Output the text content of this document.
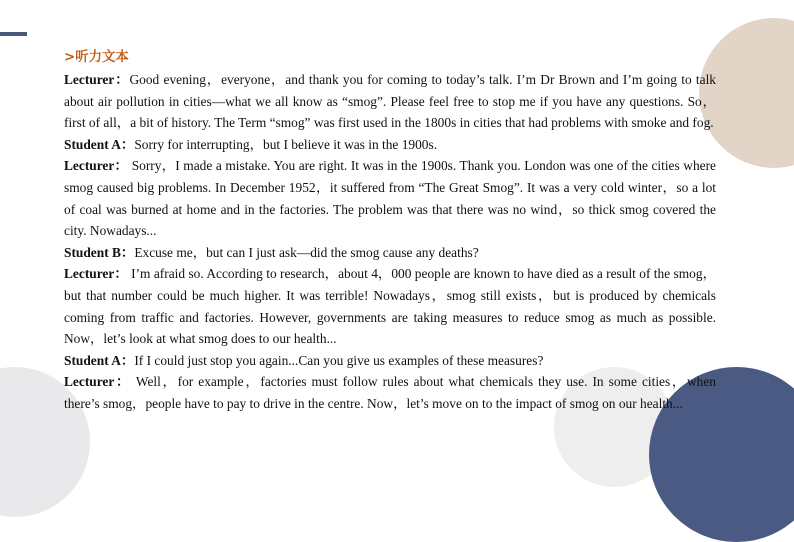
>听力文本

Lecturer：Good evening，everyone，and thank you for coming to today’s talk. I’m Dr Brown and I’m going to talk about air pollution in cities—what we all know as “smog”. Please feel free to stop me if you have any questions. So，first of all，a bit of history. The Term “smog” was first used in the 1800s in cities that had problems with smoke and fog.

Student A：Sorry for interrupting，but I believe it was in the 1900s.

Lecturer： Sorry，I made a mistake. You are right. It was in the 1900s. Thank you. London was one of the cities where smog caused big problems. In December 1952，it suffered from “The Great Smog”. It was a very cold winter，so a lot of coal was burned at home and in the factories. The problem was that there was no wind，so thick smog covered the city. Nowadays...

Student B：Excuse me，but can I just ask—did the smog cause any deaths?

Lecturer： I’m afraid so. According to research，about 4，000 people are known to have died as a result of the smog，but that number could be much higher. It was terrible! Nowadays，smog still exists，but is produced by chemicals coming from traffic and factories. However, governments are taking measures to reduce smog as much as possible. Now，let’s look at what smog does to our health...

Student A：If I could just stop you again...Can you give us examples of these measures?

Lecturer： Well，for example，factories must follow rules about what chemicals they use. In some cities，when there’s smog，people have to pay to drive in the centre. Now，let’s move on to the impact of smog on our health...
